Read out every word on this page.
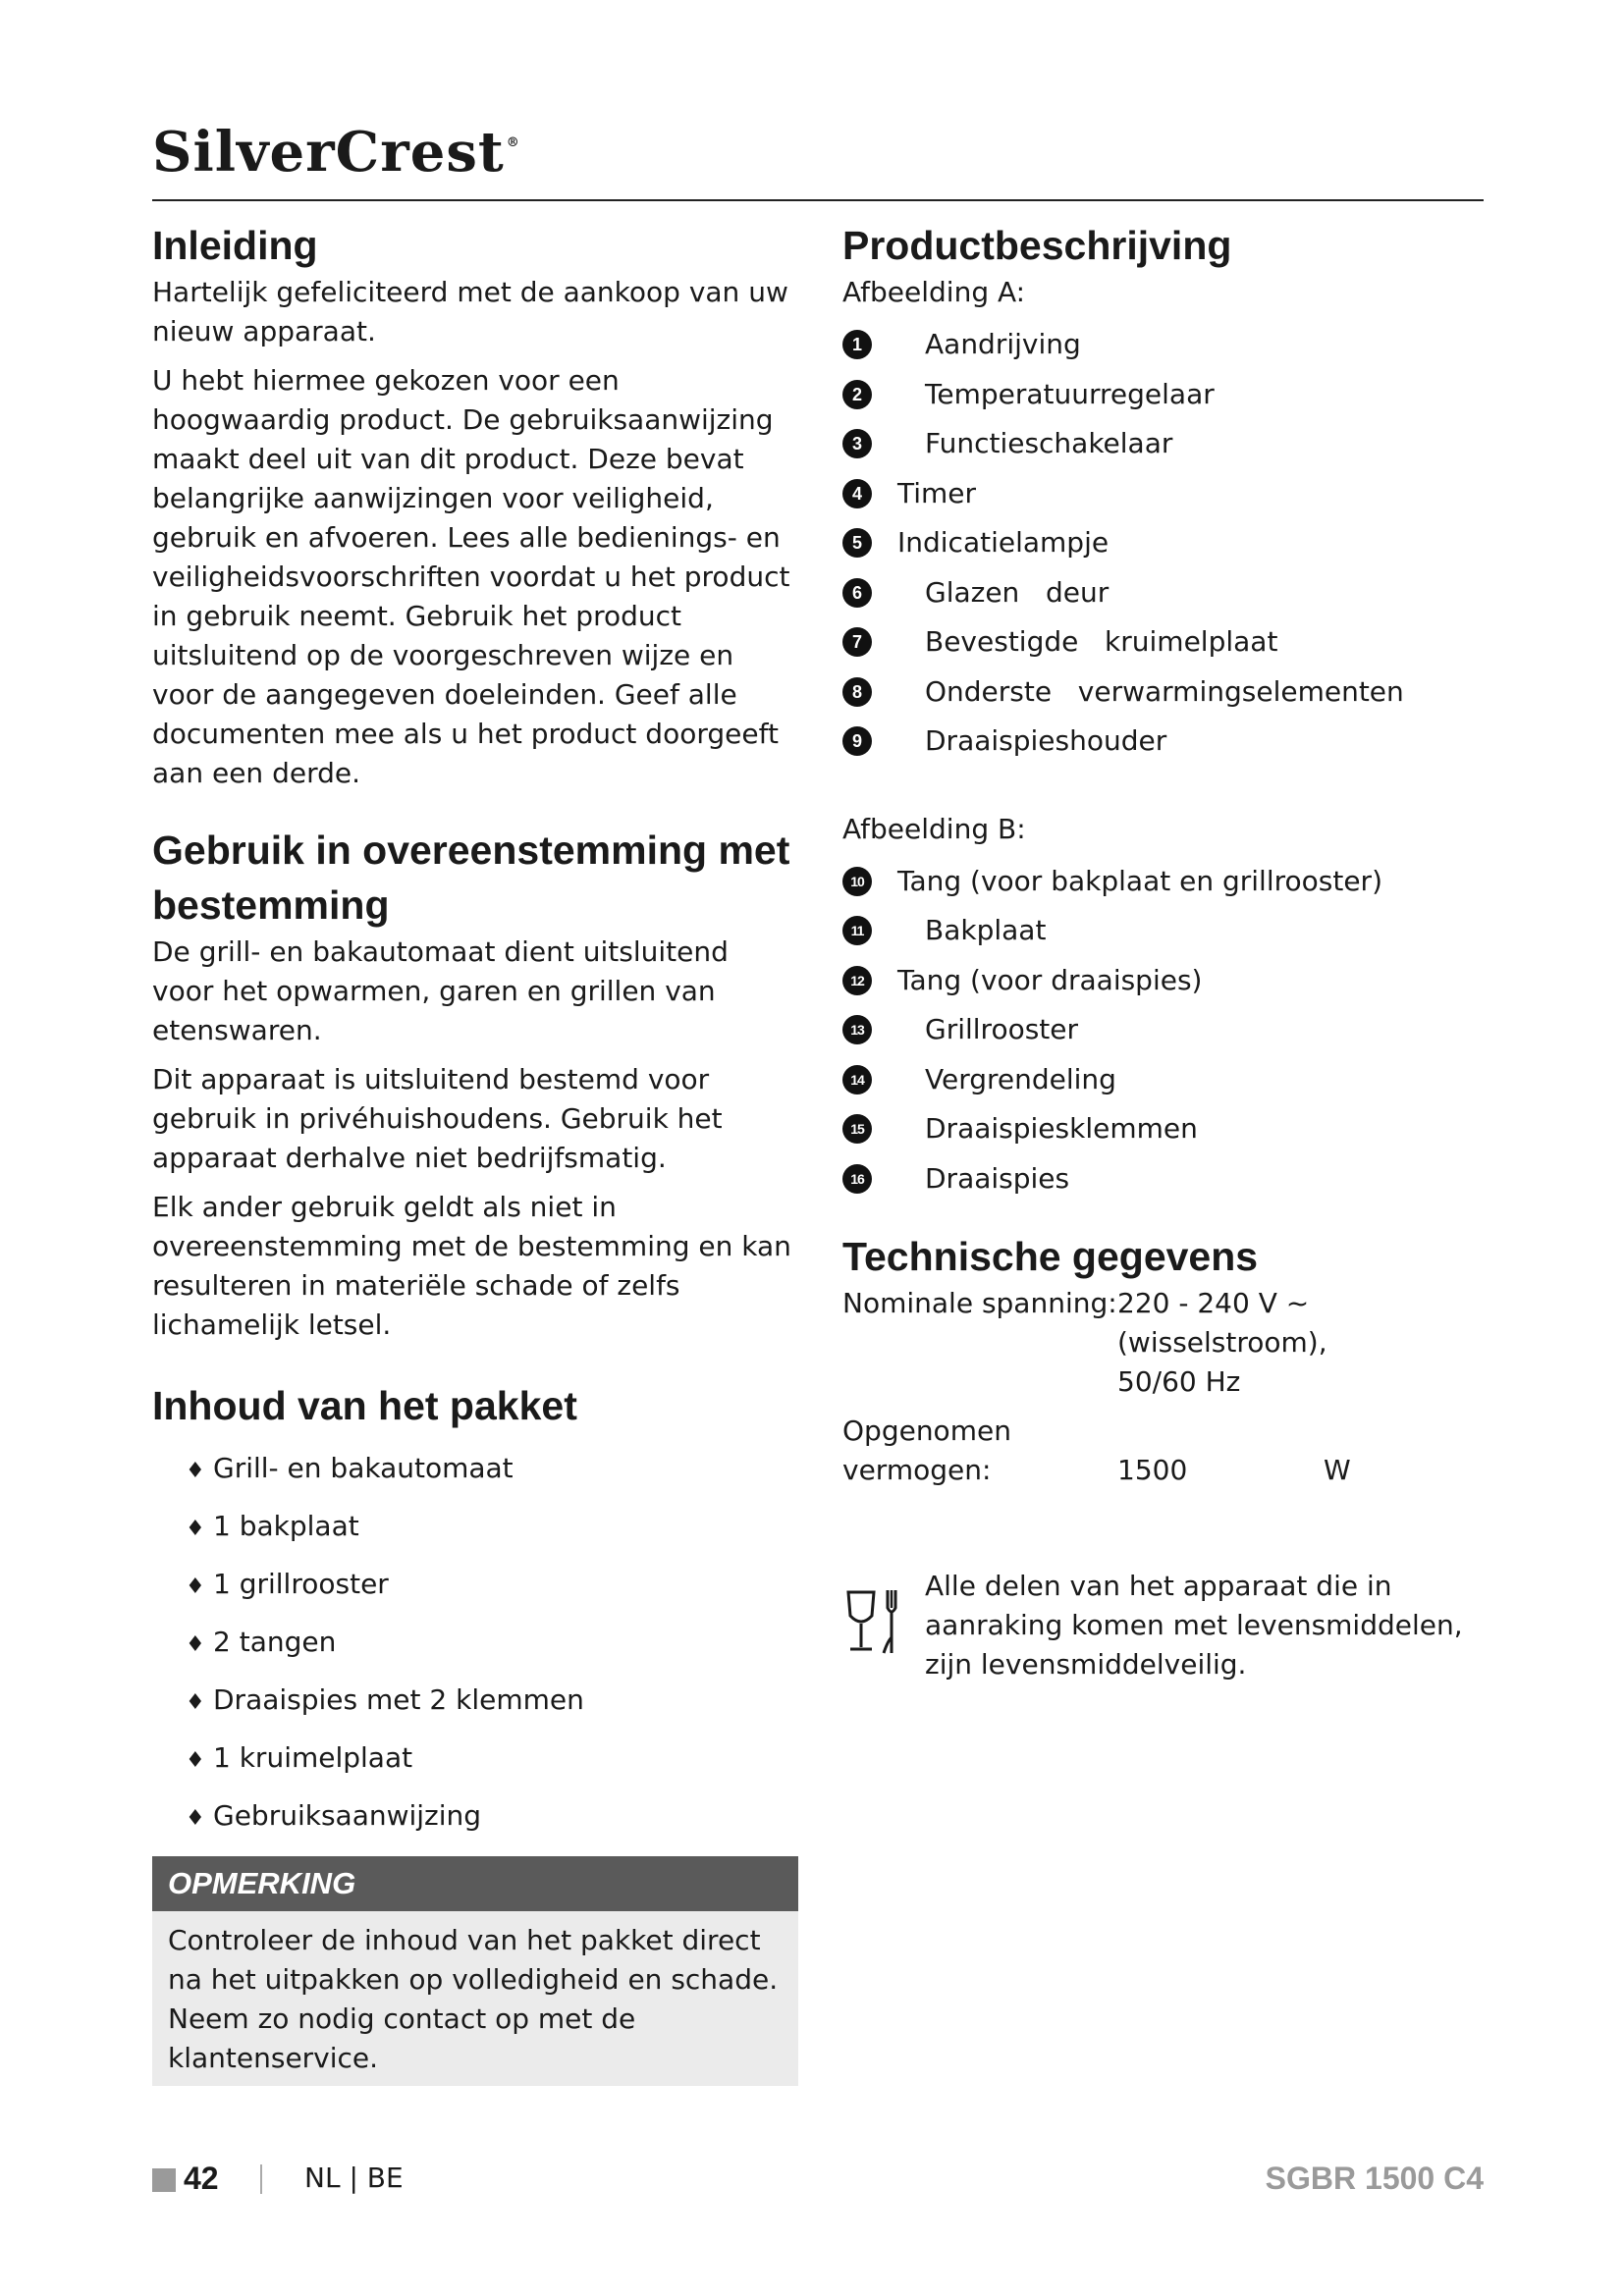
SilverCrest ®
Inleiding

Hartelijk gefeliciteerd met de aankoop van uw nieuw apparaat.

U hebt hiermee gekozen voor een hoogwaardig product. De gebruiksaanwijzing maakt deel uit van dit product. Deze bevat belangrijke aanwijzingen voor veiligheid, gebruik en afvoeren. Lees alle bedienings- en veiligheidsvoorschriften voordat u het product in gebruik neemt. Gebruik het product uitsluitend op de voorgeschreven wijze en voor de aangegeven doeleinden. Geef alle documenten mee als u het product doorgeeft aan een derde.

Gebruik in overeenstemming met bestemming

De grill- en bakautomaat dient uitsluitend voor het opwarmen, garen en grillen van etenswaren.

Dit apparaat is uitsluitend bestemd voor gebruik in privéhuishoudens. Gebruik het apparaat derhalve niet bedrijfsmatig.

Elk ander gebruik geldt als niet in overeenstemming met de bestemming en kan resulteren in materiële schade of zelfs lichamelijk letsel.

Inhoud van het pakket
♦ Grill- en bakautomaat
♦ 1 bakplaat
♦ 1 grillrooster
♦ 2 tangen
♦ Draaispies met 2 klemmen
♦ 1 kruimelplaat
♦ Gebruiksaanwijzing
OPMERKING
Controleer de inhoud van het pakket direct na het uitpakken op volledigheid en schade. Neem zo nodig contact op met de klantenservice.
Productbeschrijving

Afbeelding A:

1	Aandrijving
2	Temperatuurregelaar
3	Functieschakelaar
4	Timer
5	Indicatielampje
6	Glazen   deur
7	Bevestigde   kruimelplaat
8	Onderste   verwarmingselementen
9	Draaispieshouder

Afbeelding B:

10 Tang (voor bakplaat en grillrooster)
11	Bakplaat
12 Tang (voor draaispies)
13	Grillrooster
14	Vergrendeling
15	Draaispiesklemmen
16	Draaispies
Technische gegevens
Nominale spanning: 220 - 240 V ~
(wisselstroom),
50/60 Hz
Opgenomen
vermogen:	1500	W
Alle delen van het apparaat die in aanraking komen met levensmiddelen, zijn levensmiddelveilig.
42	NL | BE	SGBR 1500 C4
